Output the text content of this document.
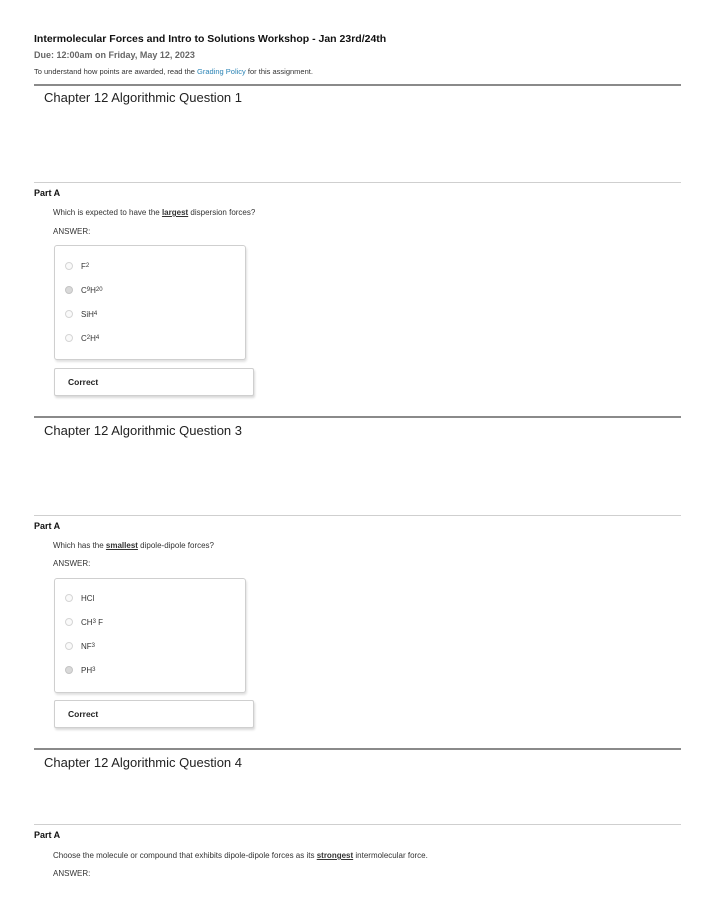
Intermolecular Forces and Intro to Solutions Workshop - Jan 23rd/24th
Due: 12:00am on Friday, May 12, 2023
To understand how points are awarded, read the Grading Policy for this assignment.
Chapter 12 Algorithmic Question 1
Part A
Which is expected to have the largest dispersion forces?
ANSWER:
F 2
C 9 H 20
SiH 4
C 2 H 4
Correct
Chapter 12 Algorithmic Question 3
Part A
Which has the smallest dipole-dipole forces?
ANSWER:
HCl
CH 3 F
NF 3
PH 3
Correct
Chapter 12 Algorithmic Question 4
Part A
Choose the molecule or compound that exhibits dipole-dipole forces as its strongest intermolecular force.
ANSWER:
